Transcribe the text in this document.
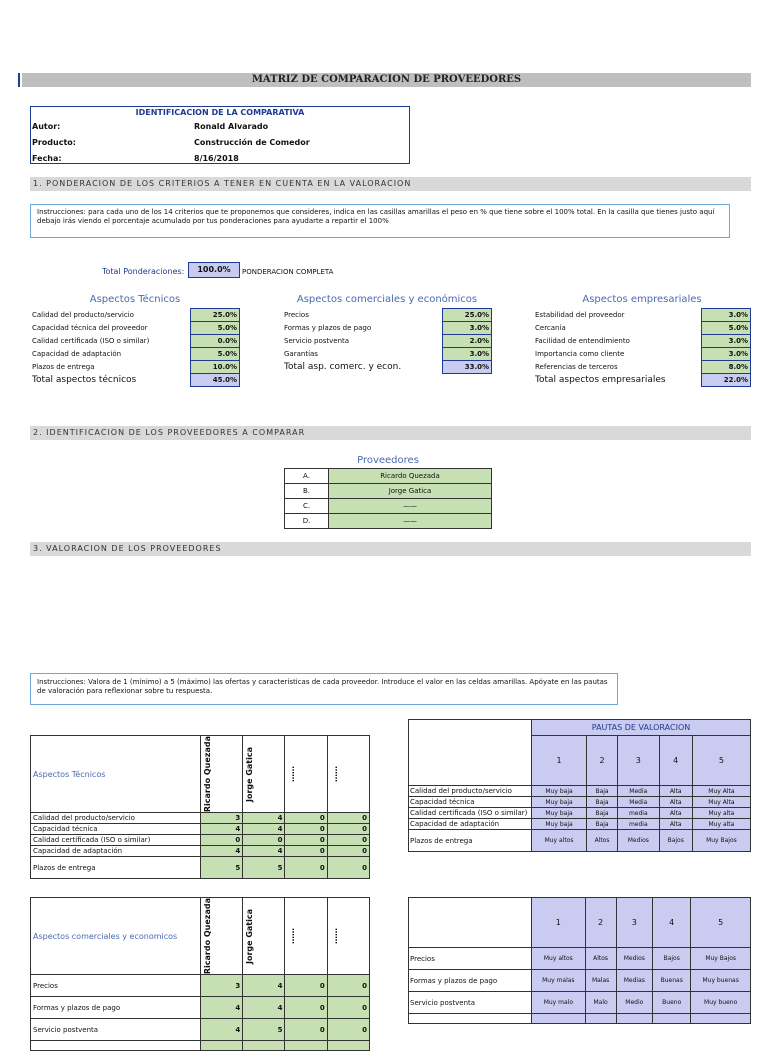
MATRIZ DE COMPARACION DE PROVEEDORES
IDENTIFICACION DE LA COMPARATIVA
Autor:	Ronald Alvarado
Producto:	Construcción de Comedor
Fecha:	8/16/2018
1. PONDERACION DE LOS CRITERIOS A TENER EN CUENTA EN LA VALORACION
Instrucciones: para cada uno de los 14 criterios que te proponemos que consideres, indica en las casillas amarillas el peso en % que tiene sobre el 100% total. En la casilla que tienes justo aquí debajo irás viendo el porcentaje acumulado por tus ponderaciones para ayudarte a repartir el 100%
Total Ponderaciones:	100.0%	PONDERACION COMPLETA
Aspectos Técnicos
Calidad del producto/servicio	25.0%
Capacidad técnica del proveedor	5.0%
Calidad certificada (ISO o similar)	0.0%
Capacidad de adaptación	5.0%
Plazos de entrega	10.0%
Total aspectos técnicos	45.0%
Aspectos comerciales y económicos
Precios	25.0%
Formas y plazos de pago	3.0%
Servicio postventa	2.0%
Garantías	3.0%
Total asp. comerc. y econ.	33.0%
Aspectos empresariales
Estabilidad del proveedor	3.0%
Cercanía	5.0%
Facilidad de entendimiento	3.0%
Importancia como cliente	3.0%
Referencias de terceros	8.0%
Total aspectos empresariales	22.0%
2. IDENTIFICACION DE LOS PROVEEDORES A COMPARAR
Proveedores
A.	Ricardo Quezada
B.	Jorge Gatica
C.	——
D.	——
3. VALORACION DE LOS PROVEEDORES
Instrucciones: Valora de 1 (mínimo) a 5 (máximo) las ofertas y características de cada proveedor. Introduce el valor en las celdas amarillas. Apóyate en las pautas de valoración para reflexionar sobre tu respuesta.
Aspectos Técnicos	Ricardo Quezada	Jorge Gatica	……	……

Calidad del producto/servicio	3	4	0	0
Capacidad técnica	4	4	0	0
Calidad certificada (ISO o similar)	0	0	0	0
Capacidad de adaptación	4	4	0	0
Plazos de entrega	5	5	0	0
	PAUTAS DE VALORACION				
	1	2	3	4	5
Calidad del producto/servicio	Muy baja	Baja	Media	Alta	Muy Alta
Capacidad técnica	Muy baja	Baja	Media	Alta	Muy Alta
Calidad certificada (ISO o similar)	Muy baja	Baja	media	Alta	Muy alta
Capacidad de adaptación	Muy baja	Baja	media	Alta	Muy alta
Plazos de entrega	Muy altos	Altos	Medios	Bajos	Muy Bajos
Aspectos comerciales y economicos	Ricardo Quezada	Jorge Gatica	……	……

Precios	3	4	0	0
Formas y plazos de pago	4	4	0	0
Servicio postventa	4	5	0	0

	1	2	3	4	5
Precios	Muy altos	Altos	Medios	Bajos	Muy Bajos
Formas y plazos de pago	Muy malas	Malas	Medias	Buenas	Muy buenas
Servicio postventa	Muy malo	Malo	Medio	Bueno	Muy bueno
